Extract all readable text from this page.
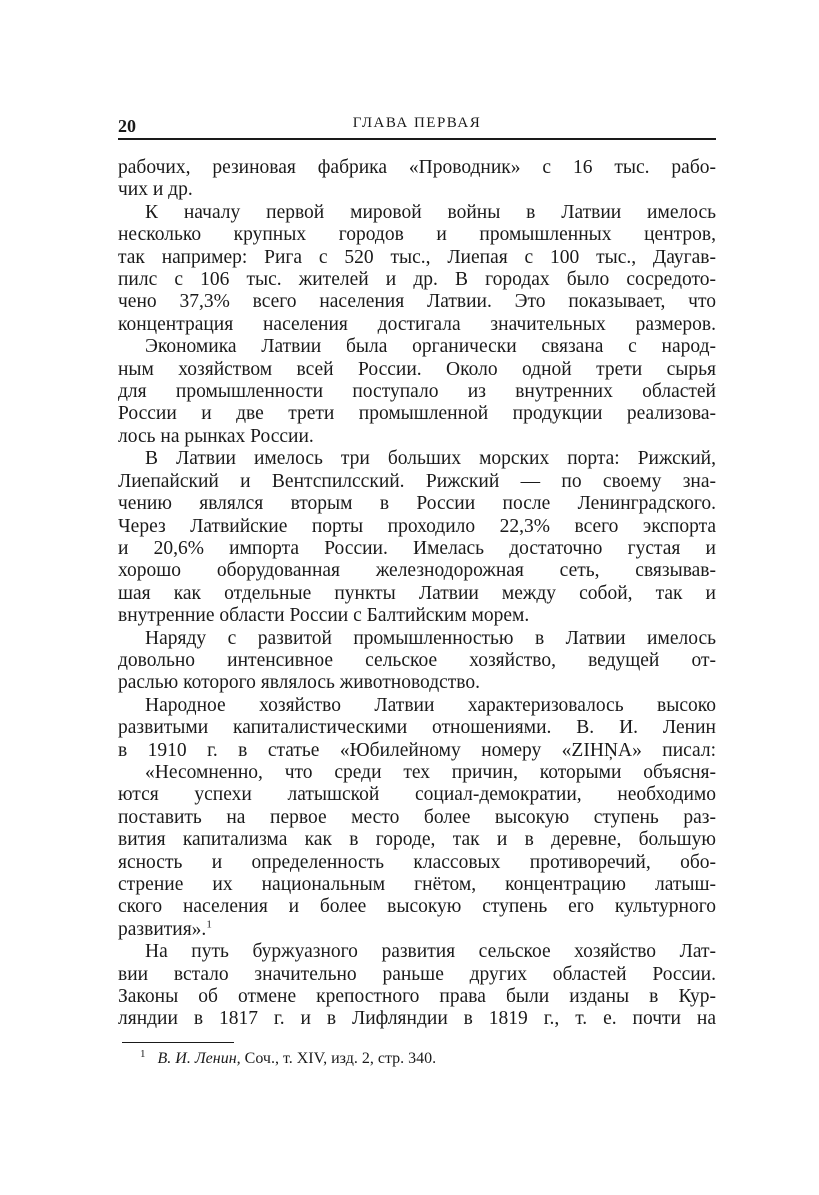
20	ГЛАВА ПЕРВАЯ
рабочих, резиновая фабрика «Проводник» с 16 тыс. рабо-
чих и др.
К началу первой мировой войны в Латвии имелось
несколько крупных городов и промышленных центров,
так например: Рига с 520 тыс., Лиепая с 100 тыс., Даугав-
пилс с 106 тыс. жителей и др. В городах было сосредото-
чено 37,3% всего населения Латвии. Это показывает, что
концентрация населения достигала значительных размеров.
Экономика Латвии была органически связана с народ-
ным хозяйством всей России. Около одной трети сырья
для промышленности поступало из внутренних областей
России и две трети промышленной продукции реализова-
лось на рынках России.
В Латвии имелось три больших морских порта: Рижский,
Лиепайский и Вентспилсский. Рижский — по своему зна-
чению являлся вторым в России после Ленинградского.
Через Латвийские порты проходило 22,3% всего экспорта
и 20,6% импорта России. Имелась достаточно густая и
хорошо оборудованная железнодорожная сеть, связывав-
шая как отдельные пункты Латвии между собой, так и
внутренние области России с Балтийским морем.
Наряду с развитой промышленностью в Латвии имелось
довольно интенсивное сельское хозяйство, ведущей от-
раслью которого являлось животноводство.
Народное хозяйство Латвии характеризовалось высоко
развитыми капиталистическими отношениями. В. И. Ленин
в 1910 г. в статье «Юбилейному номеру «ZIHŅA» писал:
«Несомненно, что среди тех причин, которыми объясня-
ются успехи латышской социал-демократии, необходимо
поставить на первое место более высокую ступень раз-
вития капитализма как в городе, так и в деревне, большую
ясность и определенность классовых противоречий, обо-
стрение их национальным гнётом, концентрацию латыш-
ского населения и более высокую ступень его культурного
развития».$^1$
На путь буржуазного развития сельское хозяйство Лат-
вии встало значительно раньше других областей России.
Законы об отмене крепостного права были изданы в Кур-
ляндии в 1817 г. и в Лифляндии в 1819 г., т. е. почти на
$^1$ В. И. Ленин, Соч., т. XIV, изд. 2, стр. 340.
